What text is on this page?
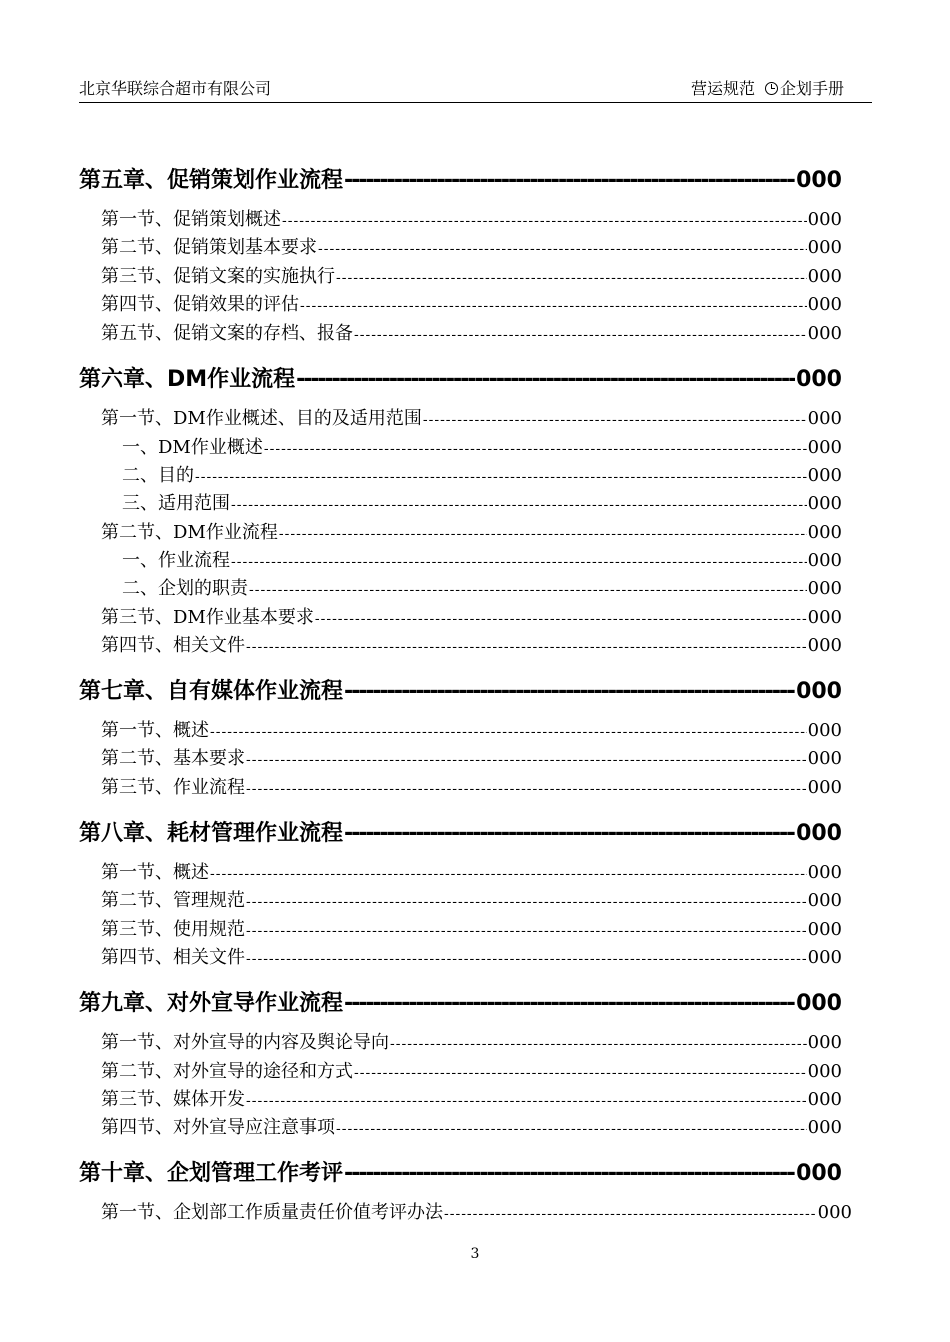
北京华联综合超市有限公司	营运规范 企划手册
第五章、促销策划作业流程 -----	000
第一节、促销策划概述 -----	000
第二节、促销策划基本要求 -----	000
第三节、促销文案的实施执行 -----	000
第四节、促销效果的评估 -----	000
第五节、促销文案的存档、报备 -----	000
第六章、DM作业流程 -----	000
第一节、DM作业概述、目的及适用范围 -----	000
一、DM作业概述 -----	000
二、目的 -----	000
三、适用范围 -----	000
第二节、DM作业流程 -----	000
一、作业流程 -----	000
二、企划的职责 -----	000
第三节、DM作业基本要求 -----	000
第四节、相关文件 -----	000
第七章、自有媒体作业流程 -----	000
第一节、概述 -----	000
第二节、基本要求 -----	000
第三节、作业流程 -----	000
第八章、耗材管理作业流程 -----	000
第一节、概述 -----	000
第二节、管理规范 -----	000
第三节、使用规范 -----	000
第四节、相关文件 -----	000
第九章、对外宣导作业流程 -----	000
第一节、对外宣导的内容及舆论导向 -----	000
第二节、对外宣导的途径和方式 -----	000
第三节、媒体开发 -----	000
第四节、对外宣导应注意事项 -----	000
第十章、企划管理工作考评 -----	000
第一节、企划部工作质量责任价值考评办法 -----	000
3
